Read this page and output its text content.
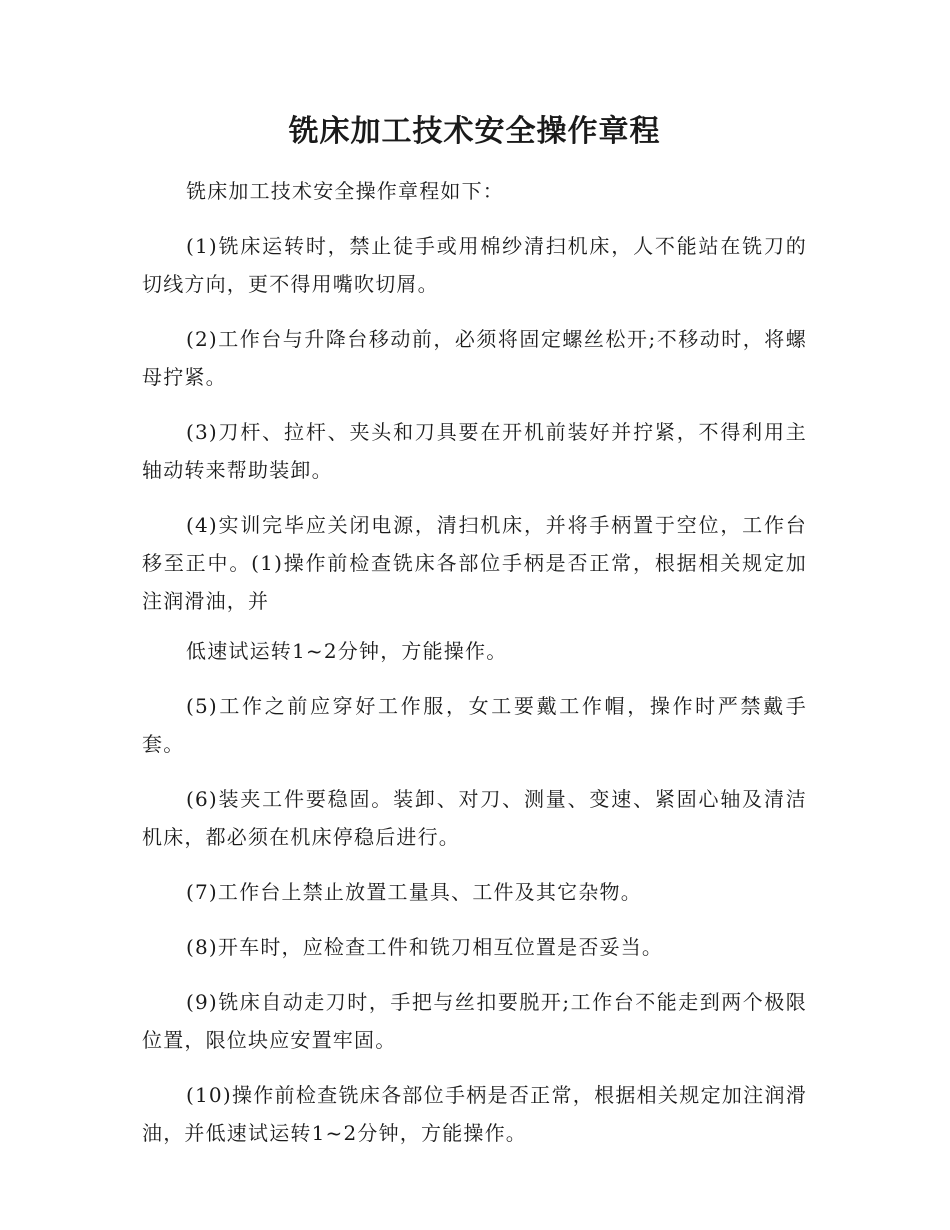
铣床加工技术安全操作章程

铣床加工技术安全操作章程如下：

(1)铣床运转时，禁止徒手或用棉纱清扫机床，人不能站在铣刀的切线方向，更不得用嘴吹切屑。

(2)工作台与升降台移动前，必须将固定螺丝松开;不移动时，将螺母拧紧。

(3)刀杆、拉杆、夹头和刀具要在开机前装好并拧紧，不得利用主轴动转来帮助装卸。

(4)实训完毕应关闭电源，清扫机床，并将手柄置于空位，工作台移至正中。(1)操作前检查铣床各部位手柄是否正常，根据相关规定加注润滑油，并

低速试运转1~2分钟，方能操作。

(5)工作之前应穿好工作服，女工要戴工作帽，操作时严禁戴手套。

(6)装夹工件要稳固。装卸、对刀、测量、变速、紧固心轴及清洁机床，都必须在机床停稳后进行。

(7)工作台上禁止放置工量具、工件及其它杂物。

(8)开车时，应检查工件和铣刀相互位置是否妥当。

(9)铣床自动走刀时，手把与丝扣要脱开;工作台不能走到两个极限位置，限位块应安置牢固。

(10)操作前检查铣床各部位手柄是否正常，根据相关规定加注润滑油，并低速试运转1~2分钟，方能操作。
